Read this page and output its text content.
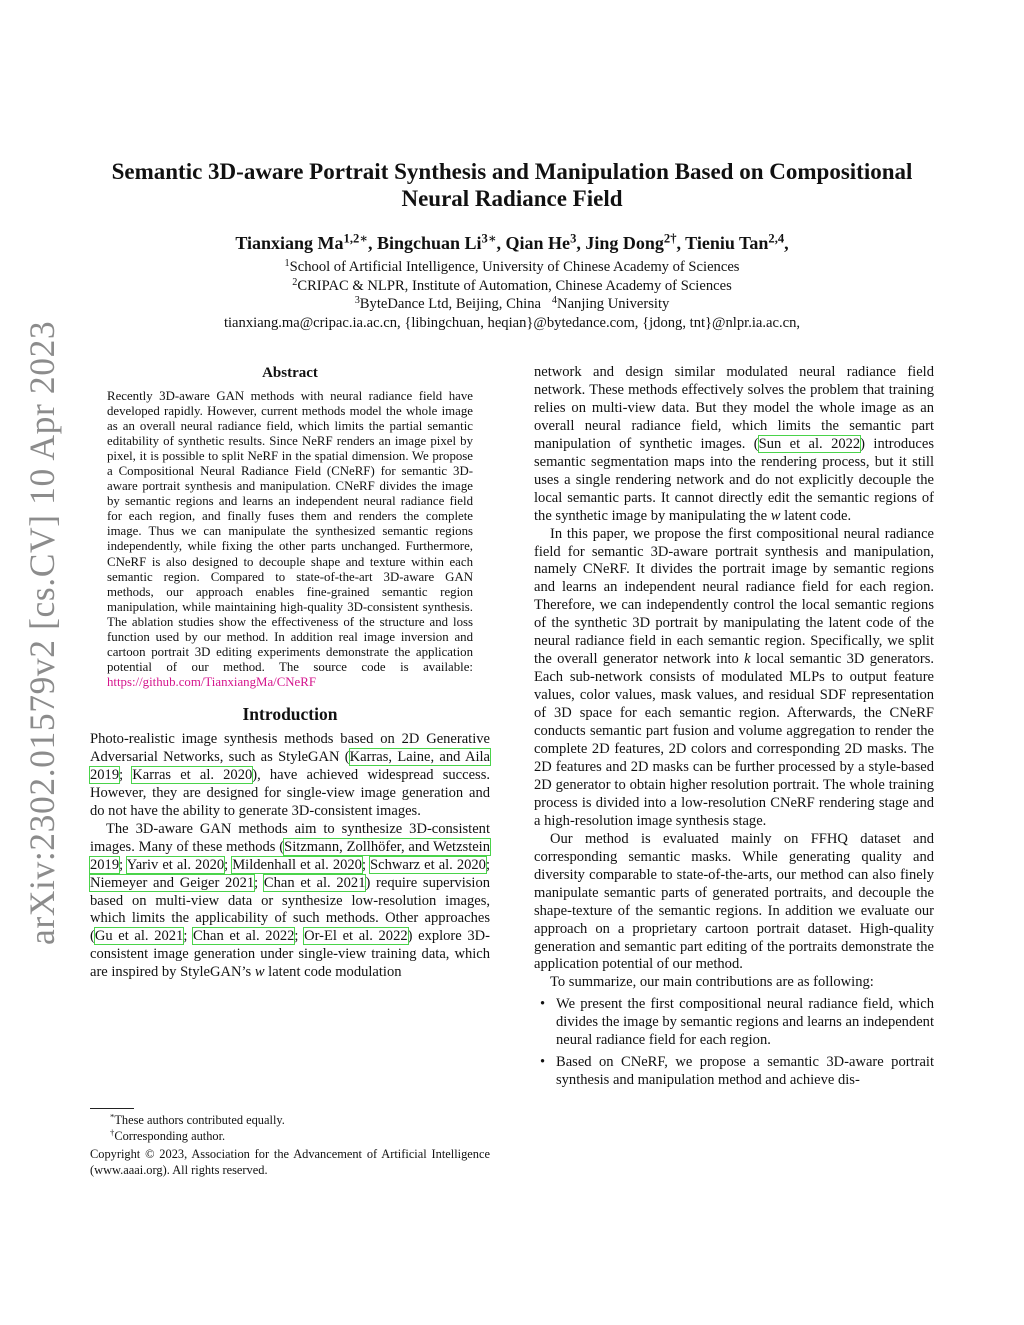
arXiv:2302.01579v2 [cs.CV] 10 Apr 2023
Semantic 3D-aware Portrait Synthesis and Manipulation Based on Compositional
Neural Radiance Field
Tianxiang $Ma^{1,2∗}$, Bingchuan $Li^{3∗}$, Qian He$^3$, Jing Dong$^{2\dagger}$, Tieniu Tan$^{2,4}$,
$^1$School of Artificial Intelligence, University of Chinese Academy of Sciences
$^2$CRIPAC & NLPR, Institute of Automation, Chinese Academy of Sciences
$^3$ByteDance Ltd, Beijing, China $^4$Nanjing University
tianxiang.ma@cripac.ia.ac.cn, {libingchuan, heqian}@bytedance.com, {jdong, tnt}@nlpr.ia.ac.cn,
Abstract
Recently 3D-aware GAN methods with neural radiance field have developed rapidly. However, current methods model the whole image as an overall neural radiance field, which limits the partial semantic editability of synthetic results. Since NeRF renders an image pixel by pixel, it is possible to split NeRF in the spatial dimension. We propose a Compositional Neural Radiance Field (CNeRF) for semantic 3D-aware portrait synthesis and manipulation. CNeRF divides the image by semantic regions and learns an independent neural radiance field for each region, and finally fuses them and renders the complete image. Thus we can manipulate the synthesized semantic regions independently, while fixing the other parts unchanged. Furthermore, CNeRF is also designed to decouple shape and texture within each semantic region. Compared to state-of-the-art 3D-aware GAN methods, our approach enables fine-grained semantic region manipulation, while maintaining high-quality 3D-consistent synthesis. The ablation studies show the effectiveness of the structure and loss function used by our method. In addition real image inversion and cartoon portrait 3D editing experiments demonstrate the application potential of our method. The source code is available: https://github.com/TianxiangMa/CNeRF
Introduction

Photo-realistic image synthesis methods based on 2D Generative Adversarial Networks, such as StyleGAN (Karras, Laine, and Aila 2019; Karras et al. 2020), have achieved widespread success. However, they are designed for single-view image generation and do not have the ability to generate 3D-consistent images.

The 3D-aware GAN methods aim to synthesize 3D-consistent images. Many of these methods (Sitzmann, Zollhöfer, and Wetzstein 2019; Yariv et al. 2020; Mildenhall et al. 2020; Schwarz et al. 2020; Niemeyer and Geiger 2021; Chan et al. 2021) require supervision based on multi-view data or synthesize low-resolution images, which limits the applicability of such methods. Other approaches (Gu et al. 2021; Chan et al. 2022; Or-El et al. 2022) explore 3D-consistent image generation under single-view training data, which are inspired by StyleGAN’s w latent code modulation

*These authors contributed equally.
†Corresponding author.
Copyright © 2023, Association for the Advancement of Artificial Intelligence (www.aaai.org). All rights reserved.

network and design similar modulated neural radiance field network. These methods effectively solves the problem that training relies on multi-view data. But they model the whole image as an overall neural radiance field, which limits the semantic part manipulation of synthetic images. (Sun et al. 2022) introduces semantic segmentation maps into the rendering process, but it still uses a single rendering network and do not explicitly decouple the local semantic parts. It cannot directly edit the semantic regions of the synthetic image by manipulating the w latent code.

In this paper, we propose the first compositional neural radiance field for semantic 3D-aware portrait synthesis and manipulation, namely CNeRF. It divides the portrait image by semantic regions and learns an independent neural radiance field for each region. Therefore, we can independently control the local semantic regions of the synthetic 3D portrait by manipulating the latent code of the neural radiance field in each semantic region. Specifically, we split the overall generator network into k local semantic 3D generators. Each sub-network consists of modulated MLPs to output feature values, color values, mask values, and residual SDF representation of 3D space for each semantic region. Afterwards, the CNeRF conducts semantic part fusion and volume aggregation to render the complete 2D features, 2D colors and corresponding 2D masks. The 2D features and 2D masks can be further processed by a style-based 2D generator to obtain higher resolution portrait. The whole training process is divided into a low-resolution CNeRF rendering stage and a high-resolution image synthesis stage.

Our method is evaluated mainly on FFHQ dataset and corresponding semantic masks. While generating quality and diversity comparable to state-of-the-arts, our method can also finely manipulate semantic parts of generated portraits, and decouple the shape-texture of the semantic regions. In addition we evaluate our approach on a proprietary cartoon portrait dataset. High-quality generation and semantic part editing of the portraits demonstrate the application potential of our method.

To summarize, our main contributions are as following:

• We present the first compositional neural radiance field, which divides the image by semantic regions and learns an independent neural radiance field for each region.
• Based on CNeRF, we propose a semantic 3D-aware portrait synthesis and manipulation method and achieve dis-
